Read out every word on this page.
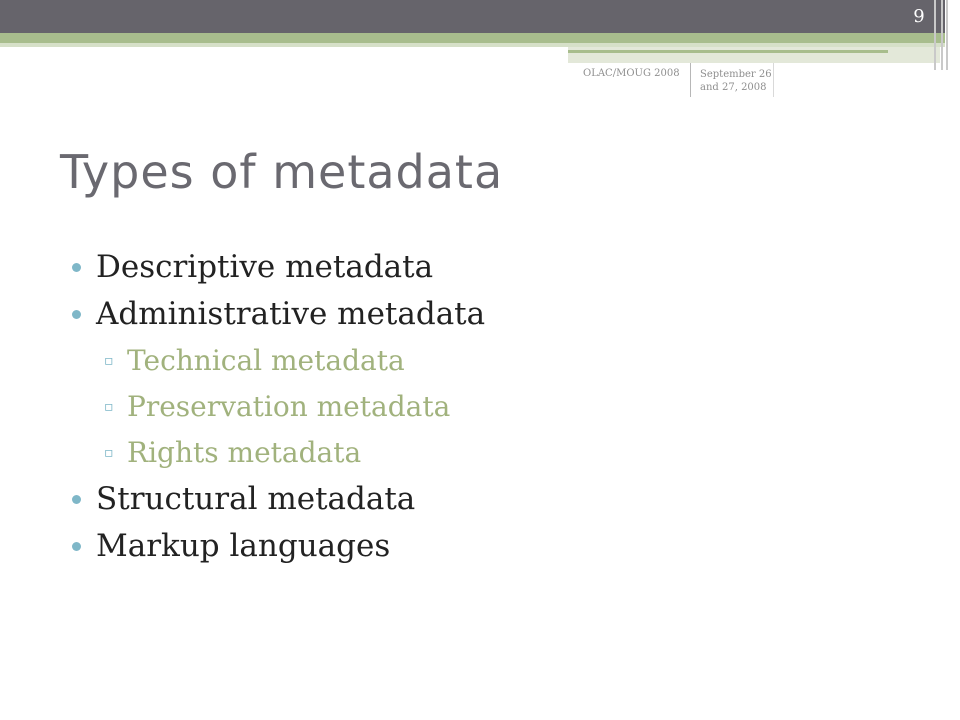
9
OLAC/MOUG 2008 September 26
and 27, 2008
Types of metadata
Descriptive metadata
Administrative metadata
▫ Technical metadata
▫ Preservation metadata
▫ Rights metadata
Structural metadata
Markup languages
